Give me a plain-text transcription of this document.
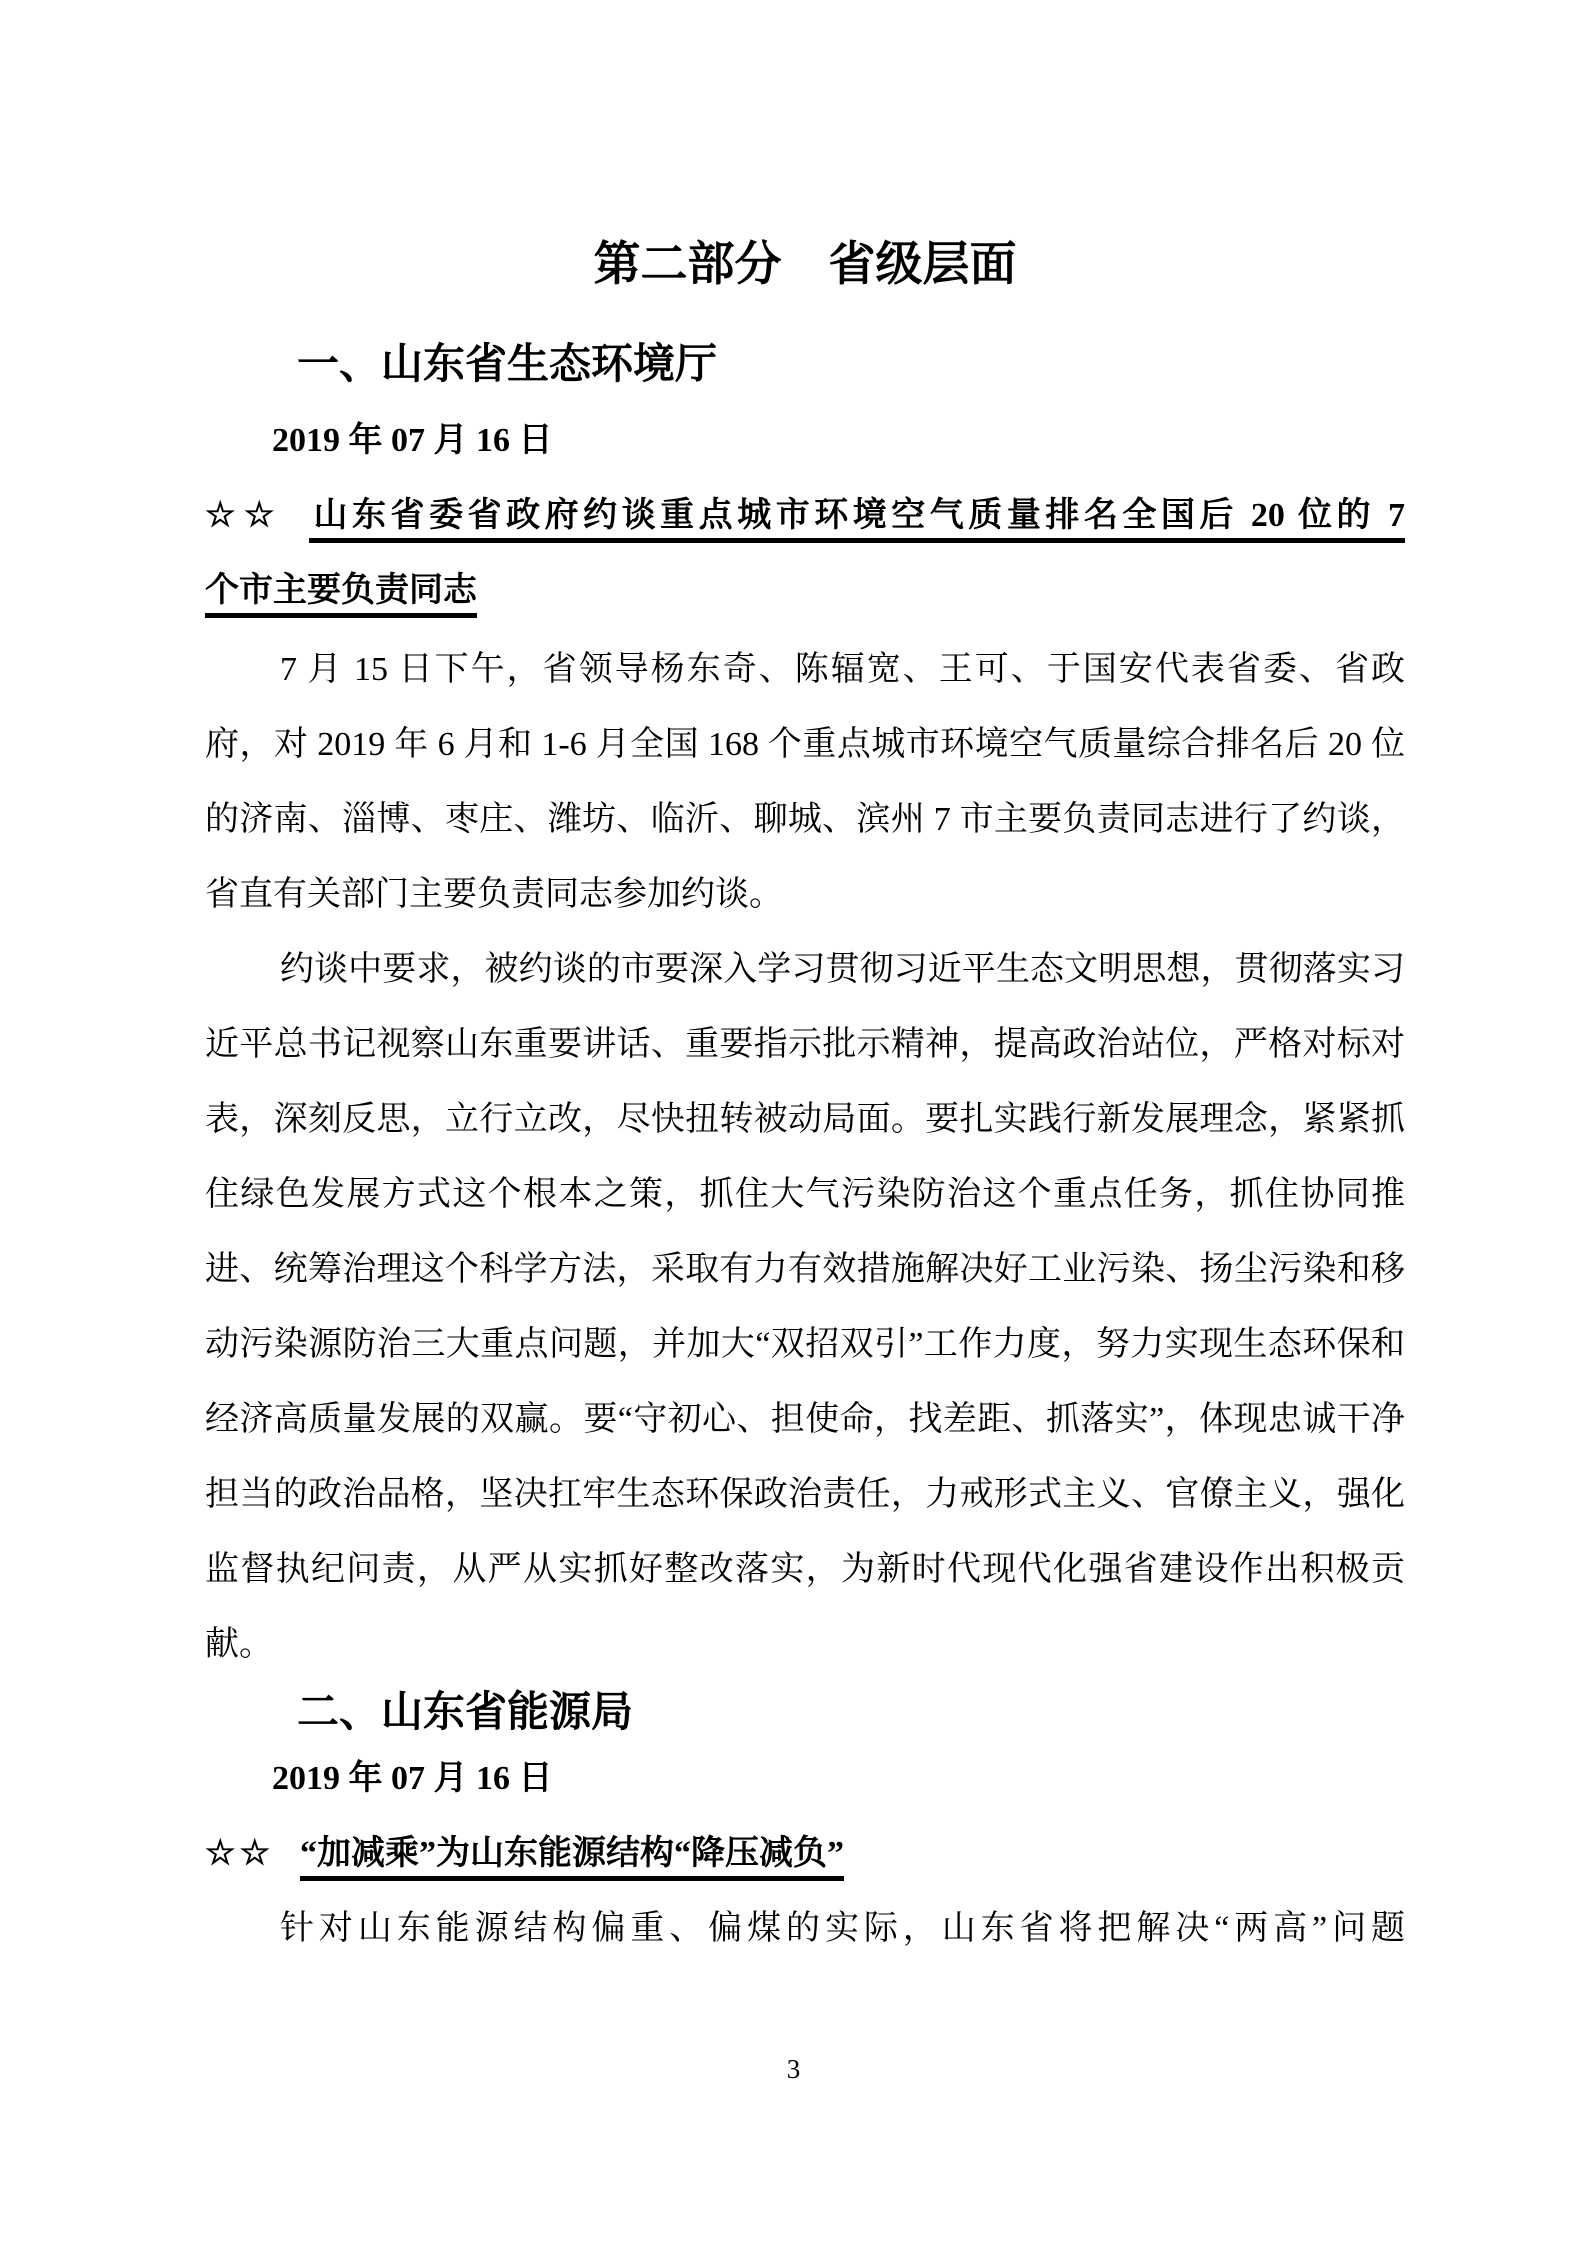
第二部分　省级层面
一、山东省生态环境厅
2019 年 07 月 16 日
☆☆ 山东省委省政府约谈重点城市环境空气质量排名全国后 20 位的 7
个市主要负责同志

7 月 15 日下午，省领导杨东奇、陈辐宽、王可、于国安代表省委、省政府，对 2019 年 6 月和 1-6 月全国 168 个重点城市环境空气质量综合排名后 20 位的济南、淄博、枣庄、潍坊、临沂、聊城、滨州 7 市主要负责同志进行了约谈，省直有关部门主要负责同志参加约谈。

约谈中要求，被约谈的市要深入学习贯彻习近平生态文明思想，贯彻落实习近平总书记视察山东重要讲话、重要指示批示精神，提高政治站位，严格对标对表，深刻反思，立行立改，尽快扭转被动局面。要扎实践行新发展理念，紧紧抓住绿色发展方式这个根本之策，抓住大气污染防治这个重点任务，抓住协同推进、统筹治理这个科学方法，采取有力有效措施解决好工业污染、扬尘污染和移动污染源防治三大重点问题，并加大“双招双引”工作力度，努力实现生态环保和经济高质量发展的双赢。要“守初心、担使命，找差距、抓落实”，体现忠诚干净担当的政治品格，坚决扛牢生态环保政治责任，力戒形式主义、官僚主义，强化监督执纪问责，从严从实抓好整改落实，为新时代现代化强省建设作出积极贡献。

二、山东省能源局
2019 年 07 月 16 日
☆☆ “加减乘”为山东能源结构“降压减负”

针对山东能源结构偏重、偏煤的实际，山东省将把解决“两高”问题

3
